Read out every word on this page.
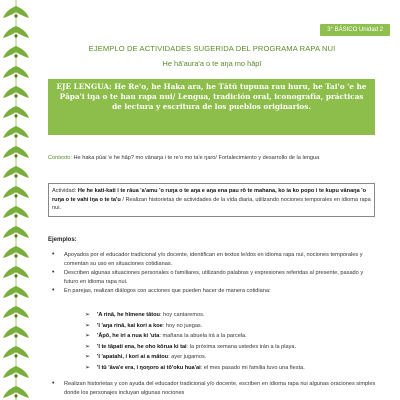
3° BÁSICO Unidad 2
EJEMPLO DE ACTIVIDADES SUGERIDA DEL PROGRAMA RAPA NUI
He hā'aura'a o te aŋa mo hāpī
EJE LENGUA: He Re'o, he Haka ara, he Tātū tupuna rau huru, he Tai'o 'e he Pāpa'i iŋa o te hau rapa nui/ Lengua, tradición oral, iconografía, prácticas de lectura y escritura de los pueblos originarios.
Contexto: He haka pūai 'e he hāp? mo vānaŋa i te re'o mo ta'e ŋaro/ Fortalecimiento y desarrollo de la lengua
Actividad: He he kati-kati i te rāua 'a'amu 'o ruŋa o te aŋa e aŋa ena pau rō te mahana, ko ia ko popo i te kupu vānaŋa 'o ruŋa o te vahi iŋa o te ta'u / Realizan historietas de actividades de la vida diaria, utilizando nociones temporales en idioma rapa nui.
Ejemplos:
• Apoyados por el educador tradicional y/o docente, identifican en textos leídos en idioma rapa nui, nociones temporales y comentan su uso en situaciones cotidianas.
• Describen algunas situaciones personales o familiares, utilizando palabras y expresiones referidas al presente, pasado y futuro en idioma rapa nui.
• En parejas, realizan diálogos con acciones que pueden hacer de manera cotidiana:
➢ 'A rinā, he hīmene tātou: hoy cantaremos.
➢ 'I 'aŋa rinā, kai kori a koe: hoy no juegas.
➢ 'Āpō, he iri a nua ki 'uta: mañana la abuela irá a la parcela.
➢ 'I te tāpati ena, he oho kōrua ki tai: la próxima semana ustedes irán a la playa.
➢ 'I 'apatahi, i kori ai a mātou: ayer jugamos.
➢ 'I tū 'āva'e era, i ŋoŋoro ai tō'oku hua'ai: el mes pasado mi familia tuvo una fiesta.
• Realizan historietas y con ayuda del educador tradicional y/o docente, escriben en idioma rapa nui algunas oraciones simples donde los personajes incluyan algunas nociones
